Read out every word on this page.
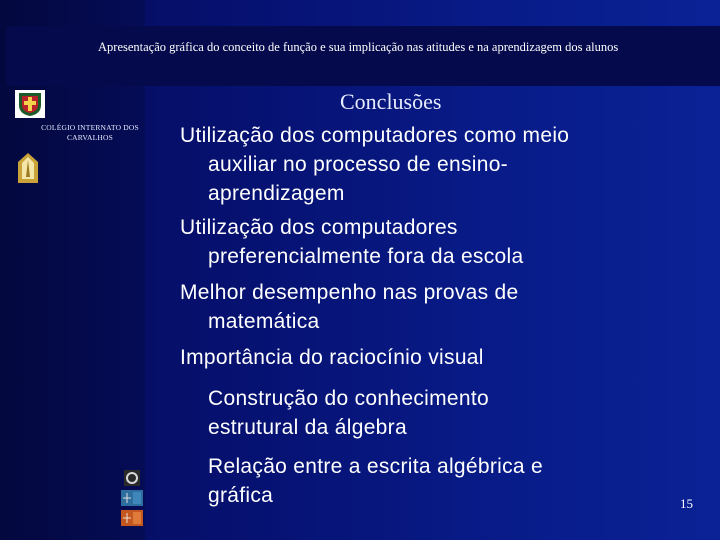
Apresentação gráfica do conceito de função e sua implicação nas atitudes e na aprendizagem dos alunos
COLÉGIO INTERNATO DOS CARVALHOS
Conclusões
Utilização dos computadores como meio
auxiliar no processo de ensino-
aprendizagem
Utilização dos computadores
preferencialmente fora da escola
Melhor desempenho nas provas de
matemática
Importância do raciocínio visual
Construção do conhecimento
estrutural da álgebra
Relação entre a escrita algébrica e
gráfica	15
